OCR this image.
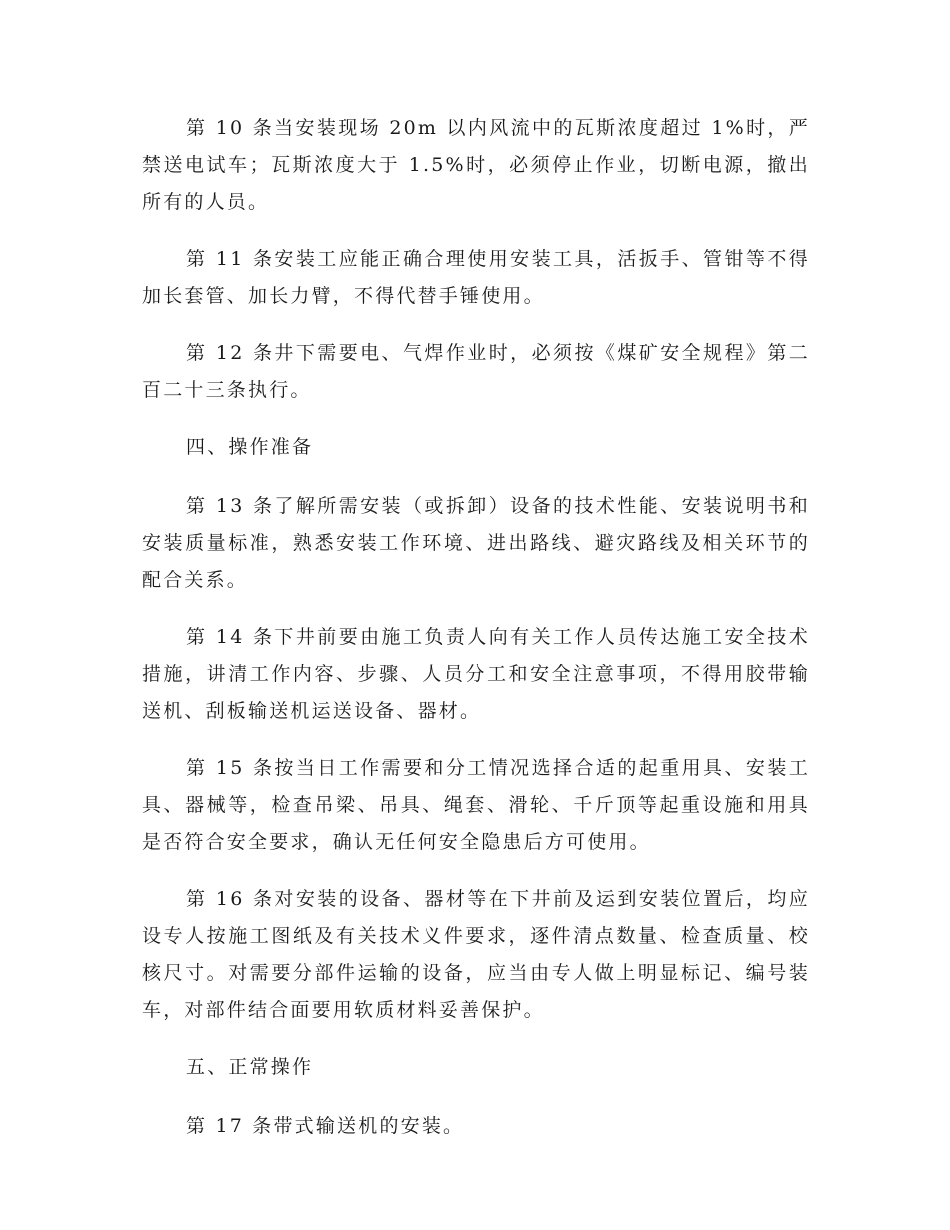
第 10 条当安装现场 20m 以内风流中的瓦斯浓度超过 1%时，严禁送电试车；瓦斯浓度大于 1.5%时，必须停止作业，切断电源，撤出所有的人员。

第 11 条安装工应能正确合理使用安装工具，活扳手、管钳等不得加长套管、加长力臂，不得代替手锤使用。

第 12 条井下需要电、气焊作业时，必须按《煤矿安全规程》第二百二十三条执行。

四、操作准备

第 13 条了解所需安装（或拆卸）设备的技术性能、安装说明书和安装质量标准，熟悉安装工作环境、进出路线、避灾路线及相关环节的配合关系。

第 14 条下井前要由施工负责人向有关工作人员传达施工安全技术措施，讲清工作内容、步骤、人员分工和安全注意事项，不得用胶带输送机、刮板输送机运送设备、器材。

第 15 条按当日工作需要和分工情况选择合适的起重用具、安装工具、器械等，检查吊梁、吊具、绳套、滑轮、千斤顶等起重设施和用具是否符合安全要求，确认无任何安全隐患后方可使用。

第 16 条对安装的设备、器材等在下井前及运到安装位置后，均应设专人按施工图纸及有关技术义件要求，逐件清点数量、检查质量、校核尺寸。对需要分部件运输的设备，应当由专人做上明显标记、编号装车，对部件结合面要用软质材料妥善保护。

五、正常操作

第 17 条带式输送机的安装。
